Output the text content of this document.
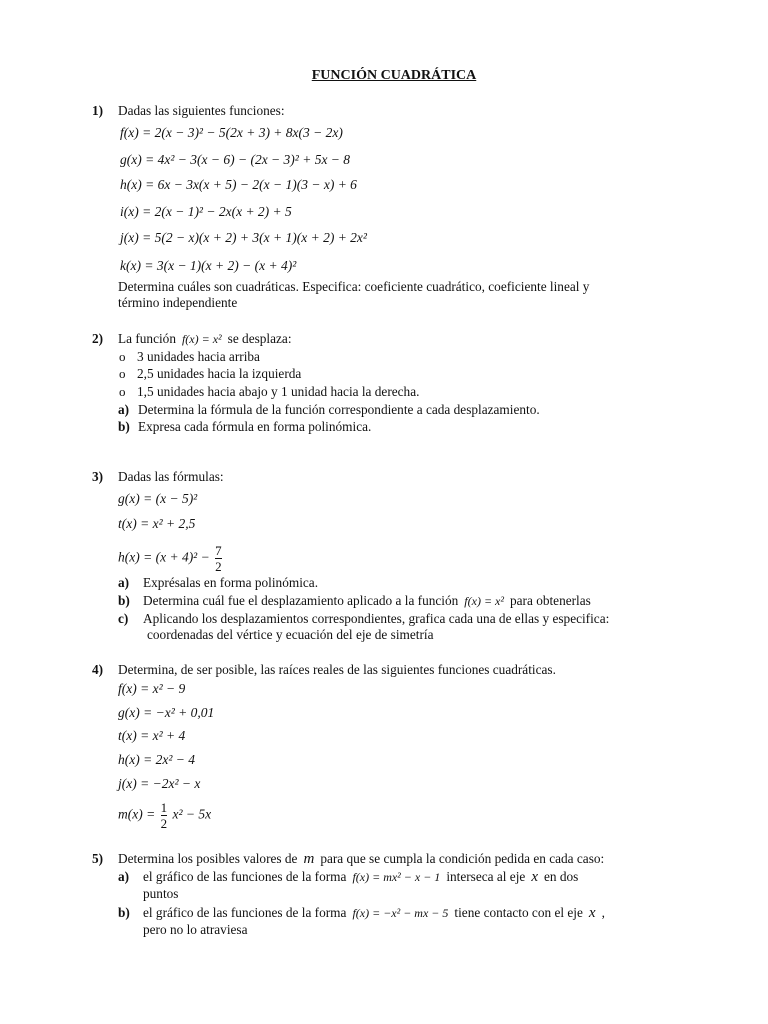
FUNCIÓN CUADRÁTICA
1) Dadas las siguientes funciones:
f(x) = 2(x − 3)² − 5(2x + 3) + 8x(3 − 2x)
g(x) = 4x² − 3(x − 6) − (2x − 3)² + 5x − 8
h(x) = 6x − 3x(x + 5) − 2(x − 1)(3 − x) + 6
i(x) = 2(x − 1)² − 2x(x + 2) + 5
j(x) = 5(2 − x)(x + 2) + 3(x + 1)(x + 2) + 2x²
k(x) = 3(x − 1)(x + 2) − (x + 4)²
Determina cuáles son cuadráticas. Especifica: coeficiente cuadrático, coeficiente lineal y
término independiente
2) La función f(x) = x² se desplaza:
o 3 unidades hacia arriba
o 2,5 unidades hacia la izquierda
o 1,5 unidades hacia abajo y 1 unidad hacia la derecha.
a) Determina la fórmula de la función correspondiente a cada desplazamiento.
b) Expresa cada fórmula en forma polinómica.
3) Dadas las fórmulas:
g(x) = (x − 5)²
t(x) = x² + 2,5
$h(x) = (x + 4)^2 - \frac{7}{2}$
a) Exprésalas en forma polinómica.
b) Determina cuál fue el desplazamiento aplicado a la función f(x) = x² para obtenerlas
c) Aplicando los desplazamientos correspondientes, grafica cada una de ellas y especifica:
coordenadas del vértice y ecuación del eje de simetría
4) Determina, de ser posible, las raíces reales de las siguientes funciones cuadráticas.
f(x) = x² − 9
g(x) = −x² + 0,01
t(x) = x² + 4
h(x) = 2x² − 4
j(x) = −2x² − x
$m(x) = \frac{1}{2} x^2 - 5x$
5) Determina los posibles valores de m para que se cumpla la condición pedida en cada caso:
a) el gráfico de las funciones de la forma f(x) = mx² − x − 1 interseca al eje x en dos
puntos
b) el gráfico de las funciones de la forma f(x) = −x² − mx − 5 tiene contacto con el eje x ,
pero no lo atraviesa
